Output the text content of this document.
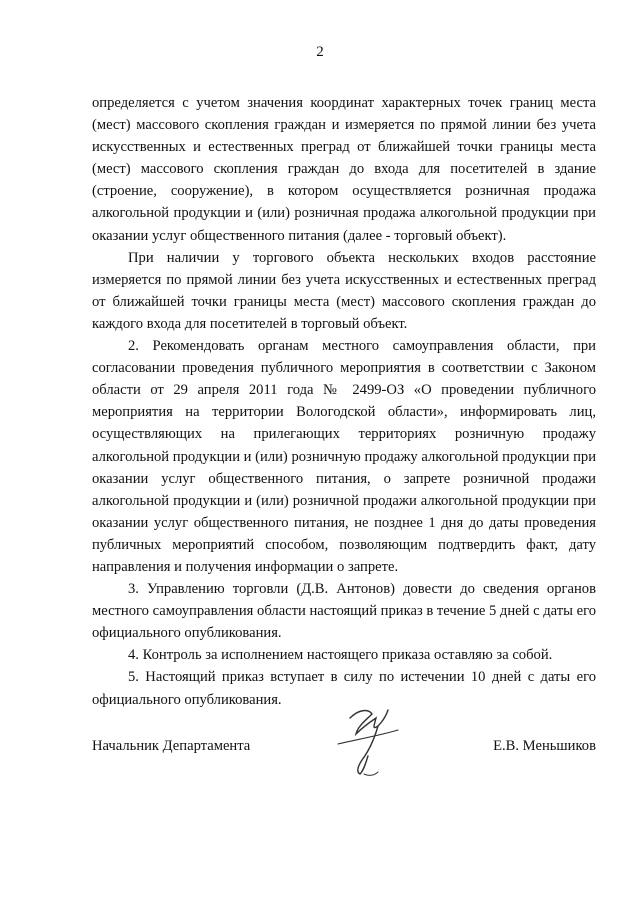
2

определяется с учетом значения координат характерных точек границ места (мест) массового скопления граждан и измеряется по прямой линии без учета искусственных и естественных преград от ближайшей точки границы места (мест) массового скопления граждан до входа для посетителей в здание (строение, сооружение), в котором осуществляется розничная продажа алкогольной продукции и (или) розничная продажа алкогольной продукции при оказании услуг общественного питания (далее - торговый объект).

При наличии у торгового объекта нескольких входов расстояние измеряется по прямой линии без учета искусственных и естественных преград от ближайшей точки границы места (мест) массового скопления граждан до каждого входа для посетителей в торговый объект.

2. Рекомендовать органам местного самоуправления области, при согласовании проведения публичного мероприятия в соответствии с Законом области от 29 апреля 2011 года № 2499-ОЗ «О проведении публичного мероприятия на территории Вологодской области», информировать лиц, осуществляющих на прилегающих территориях розничную продажу алкогольной продукции и (или) розничную продажу алкогольной продукции при оказании услуг общественного питания, о запрете розничной продажи алкогольной продукции и (или) розничной продажи алкогольной продукции при оказании услуг общественного питания, не позднее 1 дня до даты проведения публичных мероприятий способом, позволяющим подтвердить факт, дату направления и получения информации о запрете.

3. Управлению торговли (Д.В. Антонов) довести до сведения органов местного самоуправления области настоящий приказ в течение 5 дней с даты его официального опубликования.

4. Контроль за исполнением настоящего приказа оставляю за собой.

5. Настоящий приказ вступает в силу по истечении 10 дней с даты его официального опубликования.

Начальник Департамента	Е.В. Меньшиков
